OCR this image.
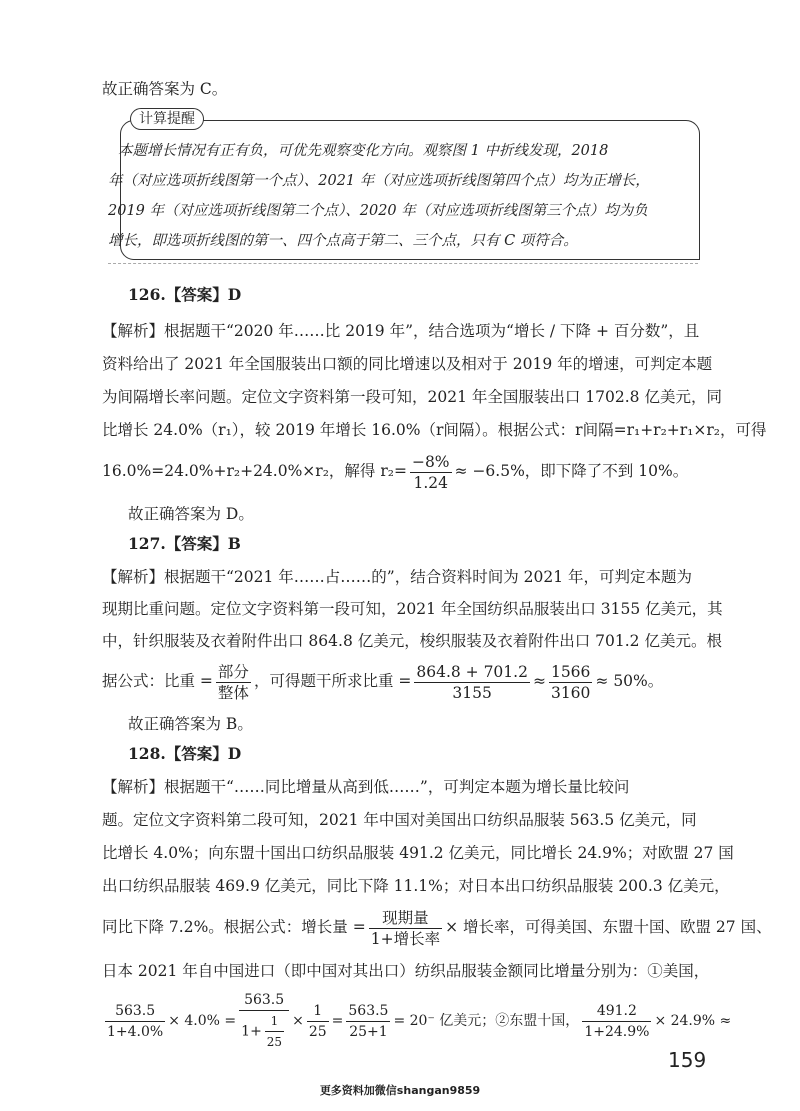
故正确答案为 C。
计算提醒
本题增长情况有正有负，可优先观察变化方向。观察图 1 中折线发现，2018
年（对应选项折线图第一个点）、2021 年（对应选项折线图第四个点）均为正增长，
2019 年（对应选项折线图第二个点）、2020 年（对应选项折线图第三个点）均为负
增长，即选项折线图的第一、四个点高于第二、三个点，只有 C 项符合。
126.【答案】D
【解析】根据题干“2020 年……比 2019 年”，结合选项为“增长 / 下降 + 百分数”，且
资料给出了 2021 年全国服装出口额的同比增速以及相对于 2019 年的增速，可判定本题
为间隔增长率问题。定位文字资料第一段可知，2021 年全国服装出口 1702.8 亿美元，同
比增长 24.0%（r₁），较 2019 年增长 16.0%（r间隔）。根据公式：r间隔=r₁+r₂+r₁×r₂，可得
16.0%=24.0%+r₂+24.0%×r₂，解得 $r_2= \frac{-8\%}{1.24} \approx -6.5\%$，即下降了不到 10%。
故正确答案为 D。
127.【答案】B
【解析】根据题干“2021 年……占……的”，结合资料时间为 2021 年，可判定本题为
现期比重问题。定位文字资料第一段可知，2021 年全国纺织品服装出口 3155 亿美元，其
中，针织服装及衣着附件出口 864.8 亿美元，梭织服装及衣着附件出口 701.2 亿美元。根
据公式：比重 = $\frac{\text{部分}}{\text{整体}}$ ，可得题干所求比重 = $\frac{864.8 + 701.2}{3155} \approx \frac{1566}{3160} \approx 50\%$。
故正确答案为 B。
128.【答案】D
【解析】根据题干“……同比增量从高到低……”，可判定本题为增长量比较问
题。定位文字资料第二段可知，2021 年中国对美国出口纺织品服装 563.5 亿美元，同
比增长 4.0%；向东盟十国出口纺织品服装 491.2 亿美元，同比增长 24.9%；对欧盟 27 国
出口纺织品服装 469.9 亿美元，同比下降 11.1%；对日本出口纺织品服装 200.3 亿美元，
同比下降 7.2%。根据公式：增长量 = $\frac{\text{现期量}}{\text{1+增长率}}$ × 增长率，可得美国、东盟十国、欧盟 27 国、
日本 2021 年自中国进口（即中国对其出口）纺织品服装金额同比增量分别为：①美国，
$\frac{563.5}{1+4.0\%} \times 4.0\% = \frac{563.5}{1+ \frac{1}{25}} \times \frac{1}{25} = \frac{563.5}{25+1} = 20^-$ 亿美元；②东盟十国， $\frac{491.2}{1+24.9\%} \times 24.9\%$ ≈
159
更多资料加微信shangan9859
